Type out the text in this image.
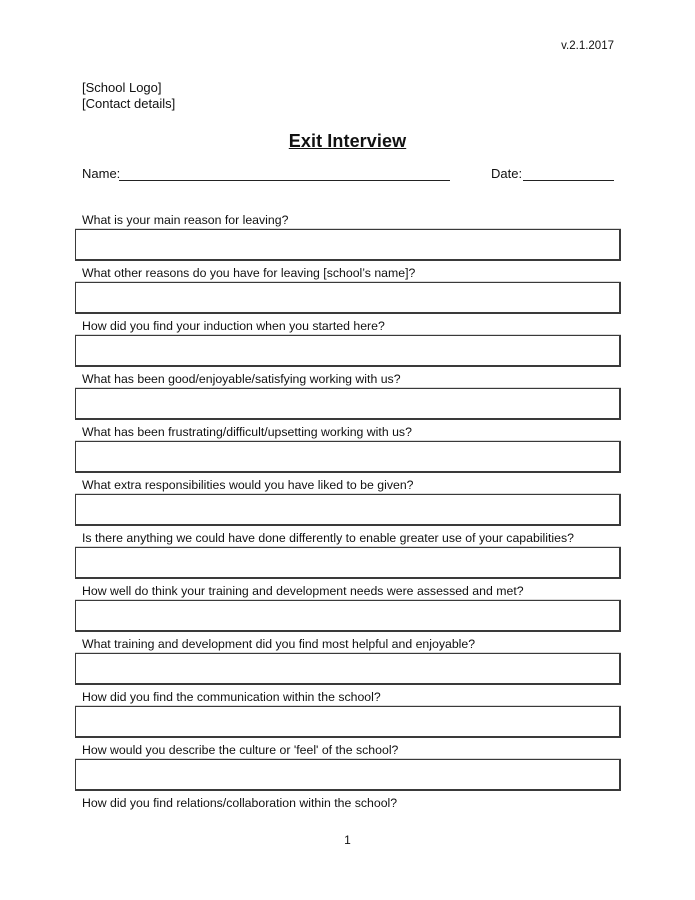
v.2.1.2017
[School Logo]
[Contact details]
Exit Interview
Name:	Date:
What is your main reason for leaving?
What other reasons do you have for leaving [school’s name]?
How did you find your induction when you started here?
What has been good/enjoyable/satisfying working with us?
What has been frustrating/difficult/upsetting working with us?
What extra responsibilities would you have liked to be given?
Is there anything we could have done differently to enable greater use of your capabilities?
How well do think your training and development needs were assessed and met?
What training and development did you find most helpful and enjoyable?
How did you find the communication within the school?
How would you describe the culture or 'feel' of the school?
How did you find relations/collaboration within the school?
1
